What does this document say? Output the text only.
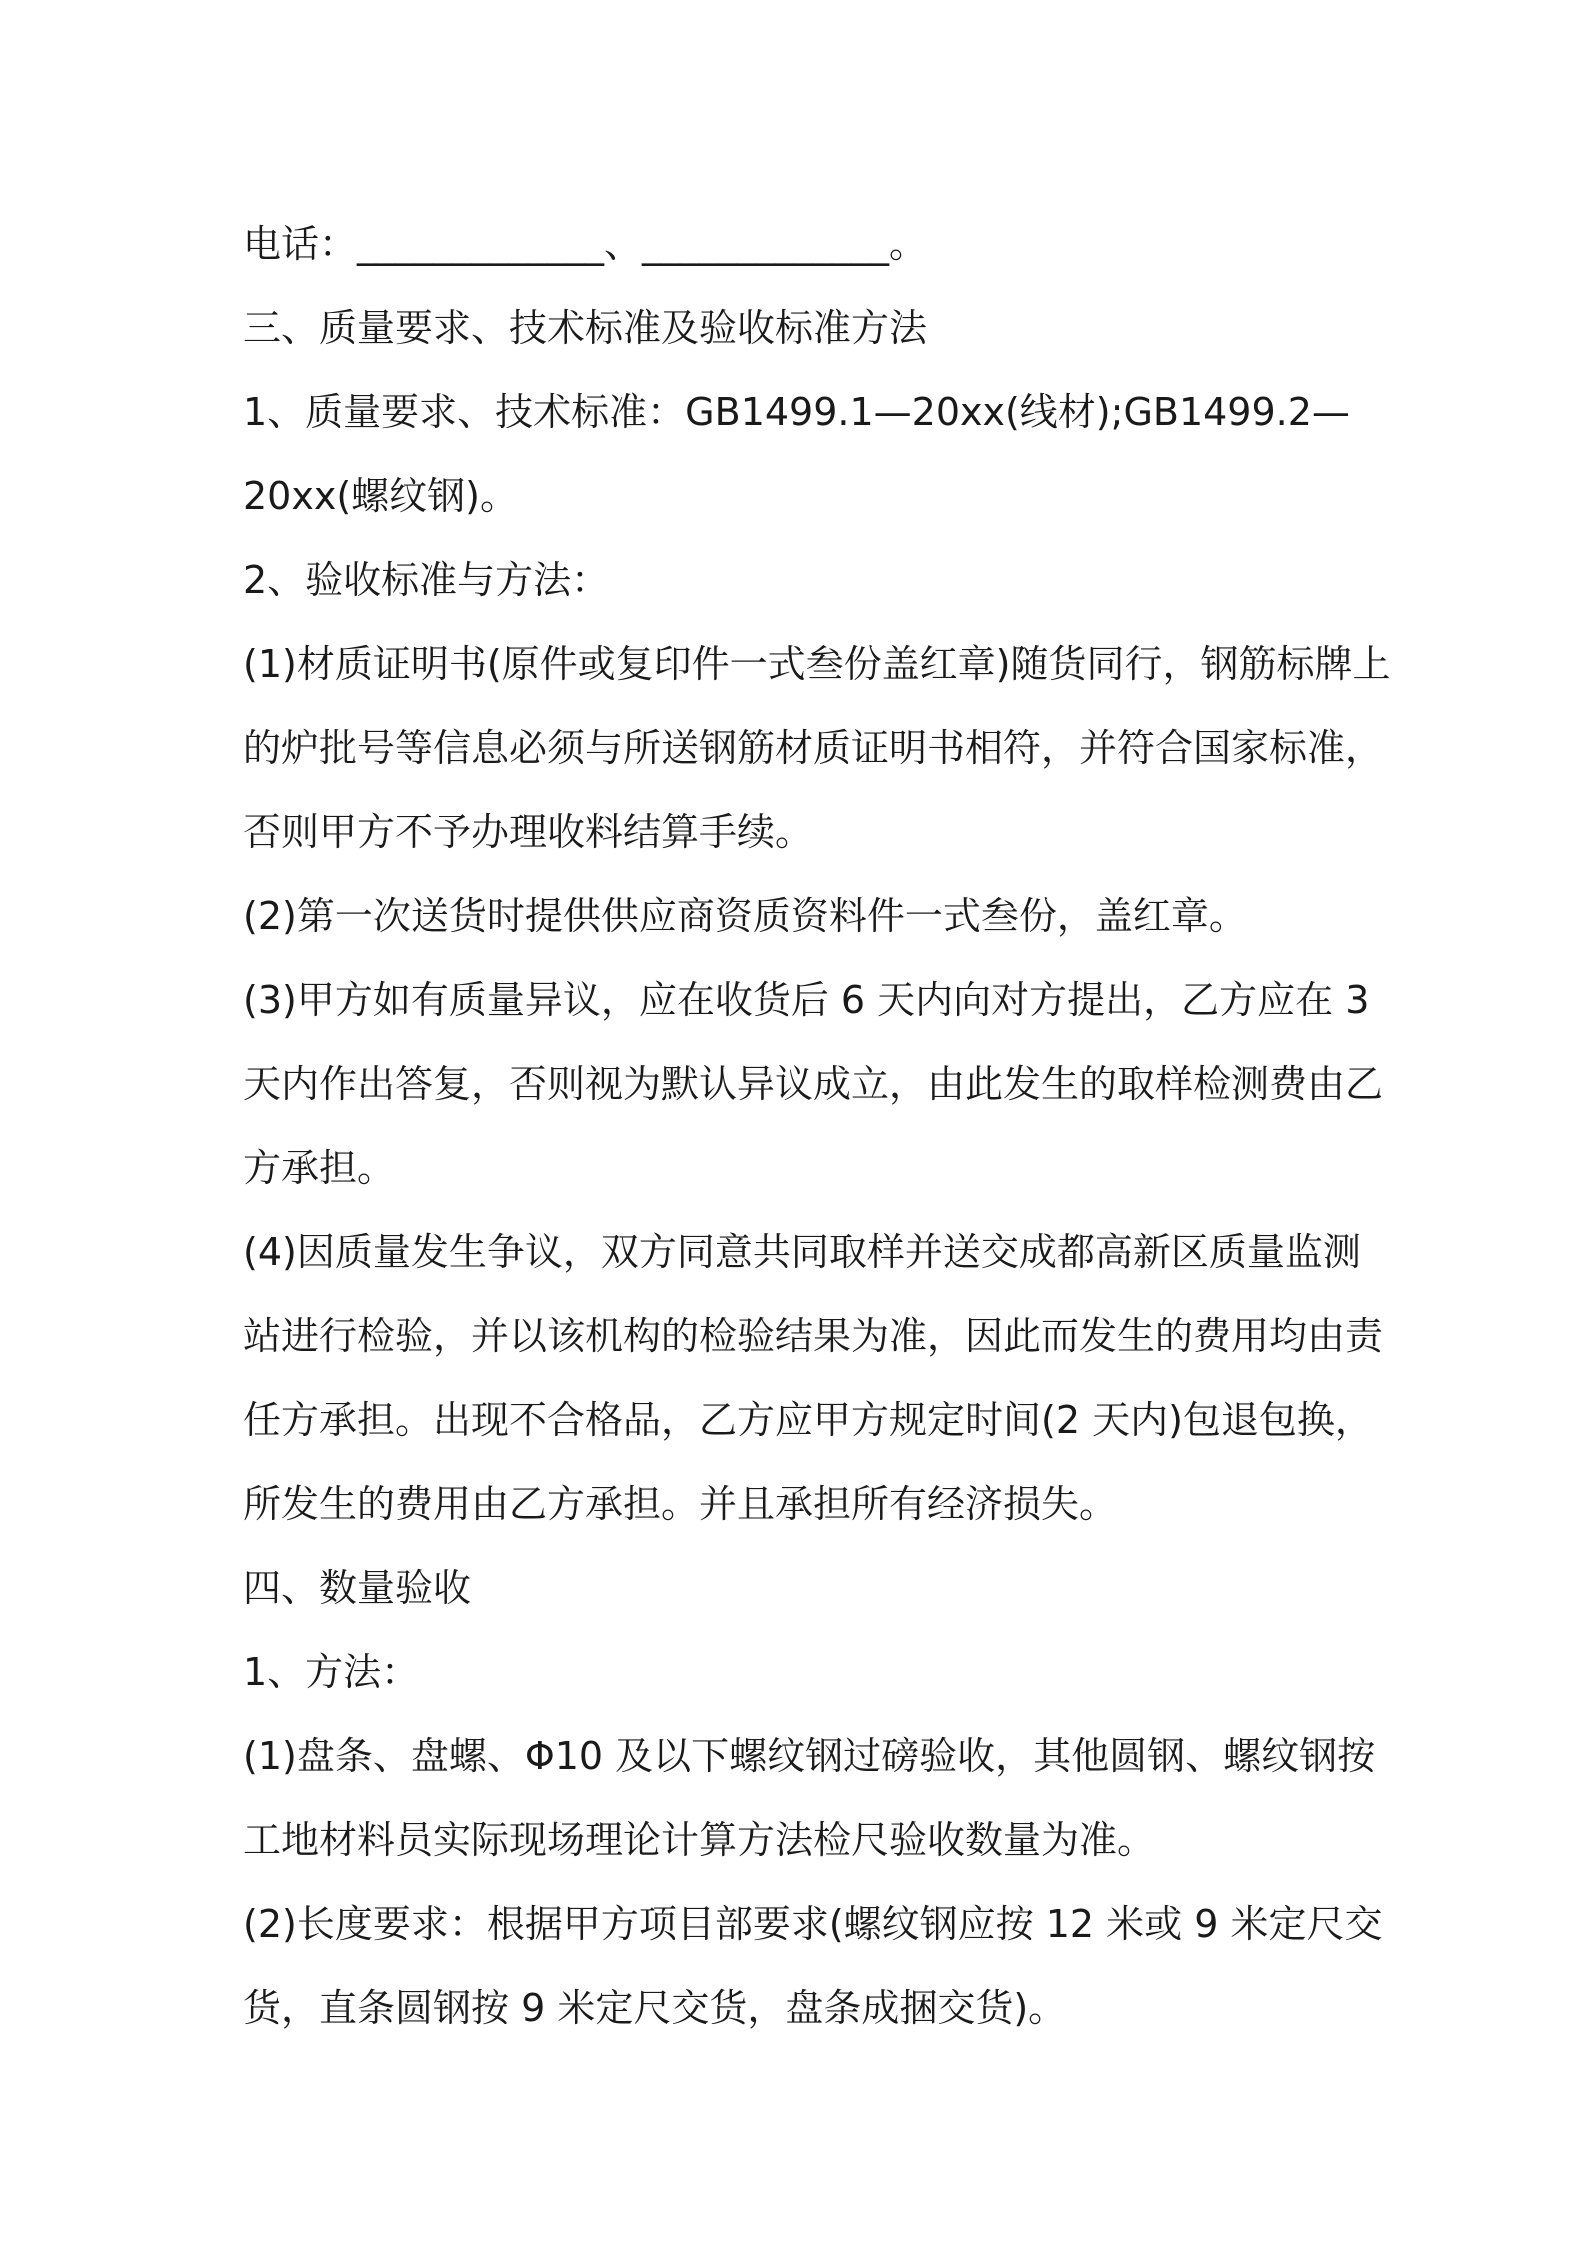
电话：_____________、_____________。

三、质量要求、技术标准及验收标准方法

1、质量要求、技术标准：GB1499.1—20xx(线材);GB1499.2—

20xx(螺纹钢)。

2、验收标准与方法：

(1)材质证明书(原件或复印件一式叁份盖红章)随货同行，钢筋标牌上

的炉批号等信息必须与所送钢筋材质证明书相符，并符合国家标准，

否则甲方不予办理收料结算手续。

(2)第一次送货时提供供应商资质资料件一式叁份，盖红章。

(3)甲方如有质量异议，应在收货后 6 天内向对方提出，乙方应在 3

天内作出答复，否则视为默认异议成立，由此发生的取样检测费由乙

方承担。

(4)因质量发生争议，双方同意共同取样并送交成都高新区质量监测

站进行检验，并以该机构的检验结果为准，因此而发生的费用均由责

任方承担。出现不合格品，乙方应甲方规定时间(2 天内)包退包换，

所发生的费用由乙方承担。并且承担所有经济损失。

四、数量验收

1、方法：

(1)盘条、盘螺、Φ10 及以下螺纹钢过磅验收，其他圆钢、螺纹钢按

工地材料员实际现场理论计算方法检尺验收数量为准。

(2)长度要求：根据甲方项目部要求(螺纹钢应按 12 米或 9 米定尺交

货，直条圆钢按 9 米定尺交货，盘条成捆交货)。
